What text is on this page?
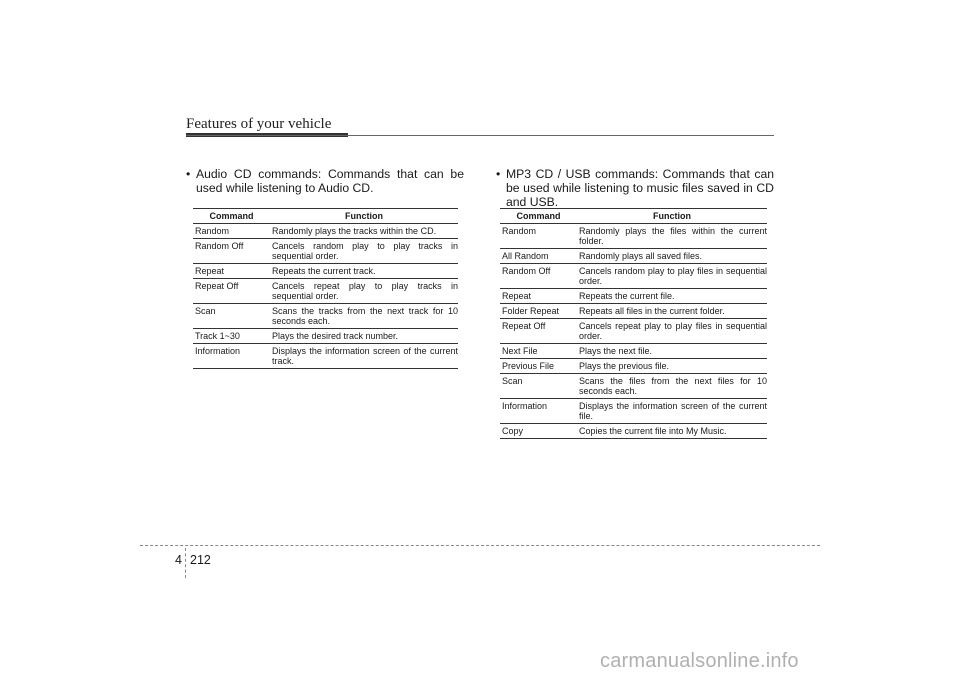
Features of your vehicle
• Audio CD commands: Commands that can be used while listening to Audio CD.
Command	Function
Random	Randomly plays the tracks within the CD.
Random Off	Cancels random play to play tracks in sequential order.
Repeat	Repeats the current track.
Repeat Off	Cancels repeat play to play tracks in sequential order.
Scan	Scans the tracks from the next track for 10 seconds each.
Track 1~30	Plays the desired track number.
Information	Displays the information screen of the current track.
• MP3 CD / USB commands: Commands that can be used while listening to music files saved in CD and USB.
Command	Function
Random	Randomly plays the files within the current folder.
All Random	Randomly plays all saved files.
Random Off	Cancels random play to play files in sequential order.
Repeat	Repeats the current file.
Folder Repeat	Repeats all files in the current folder.
Repeat Off	Cancels repeat play to play files in sequential order.
Next File	Plays the next file.
Previous File	Plays the previous file.
Scan	Scans the files from the next files for 10 seconds each.
Information	Displays the information screen of the current file.
Copy	Copies the current file into My Music.
4 212
carmanualsonline.info
